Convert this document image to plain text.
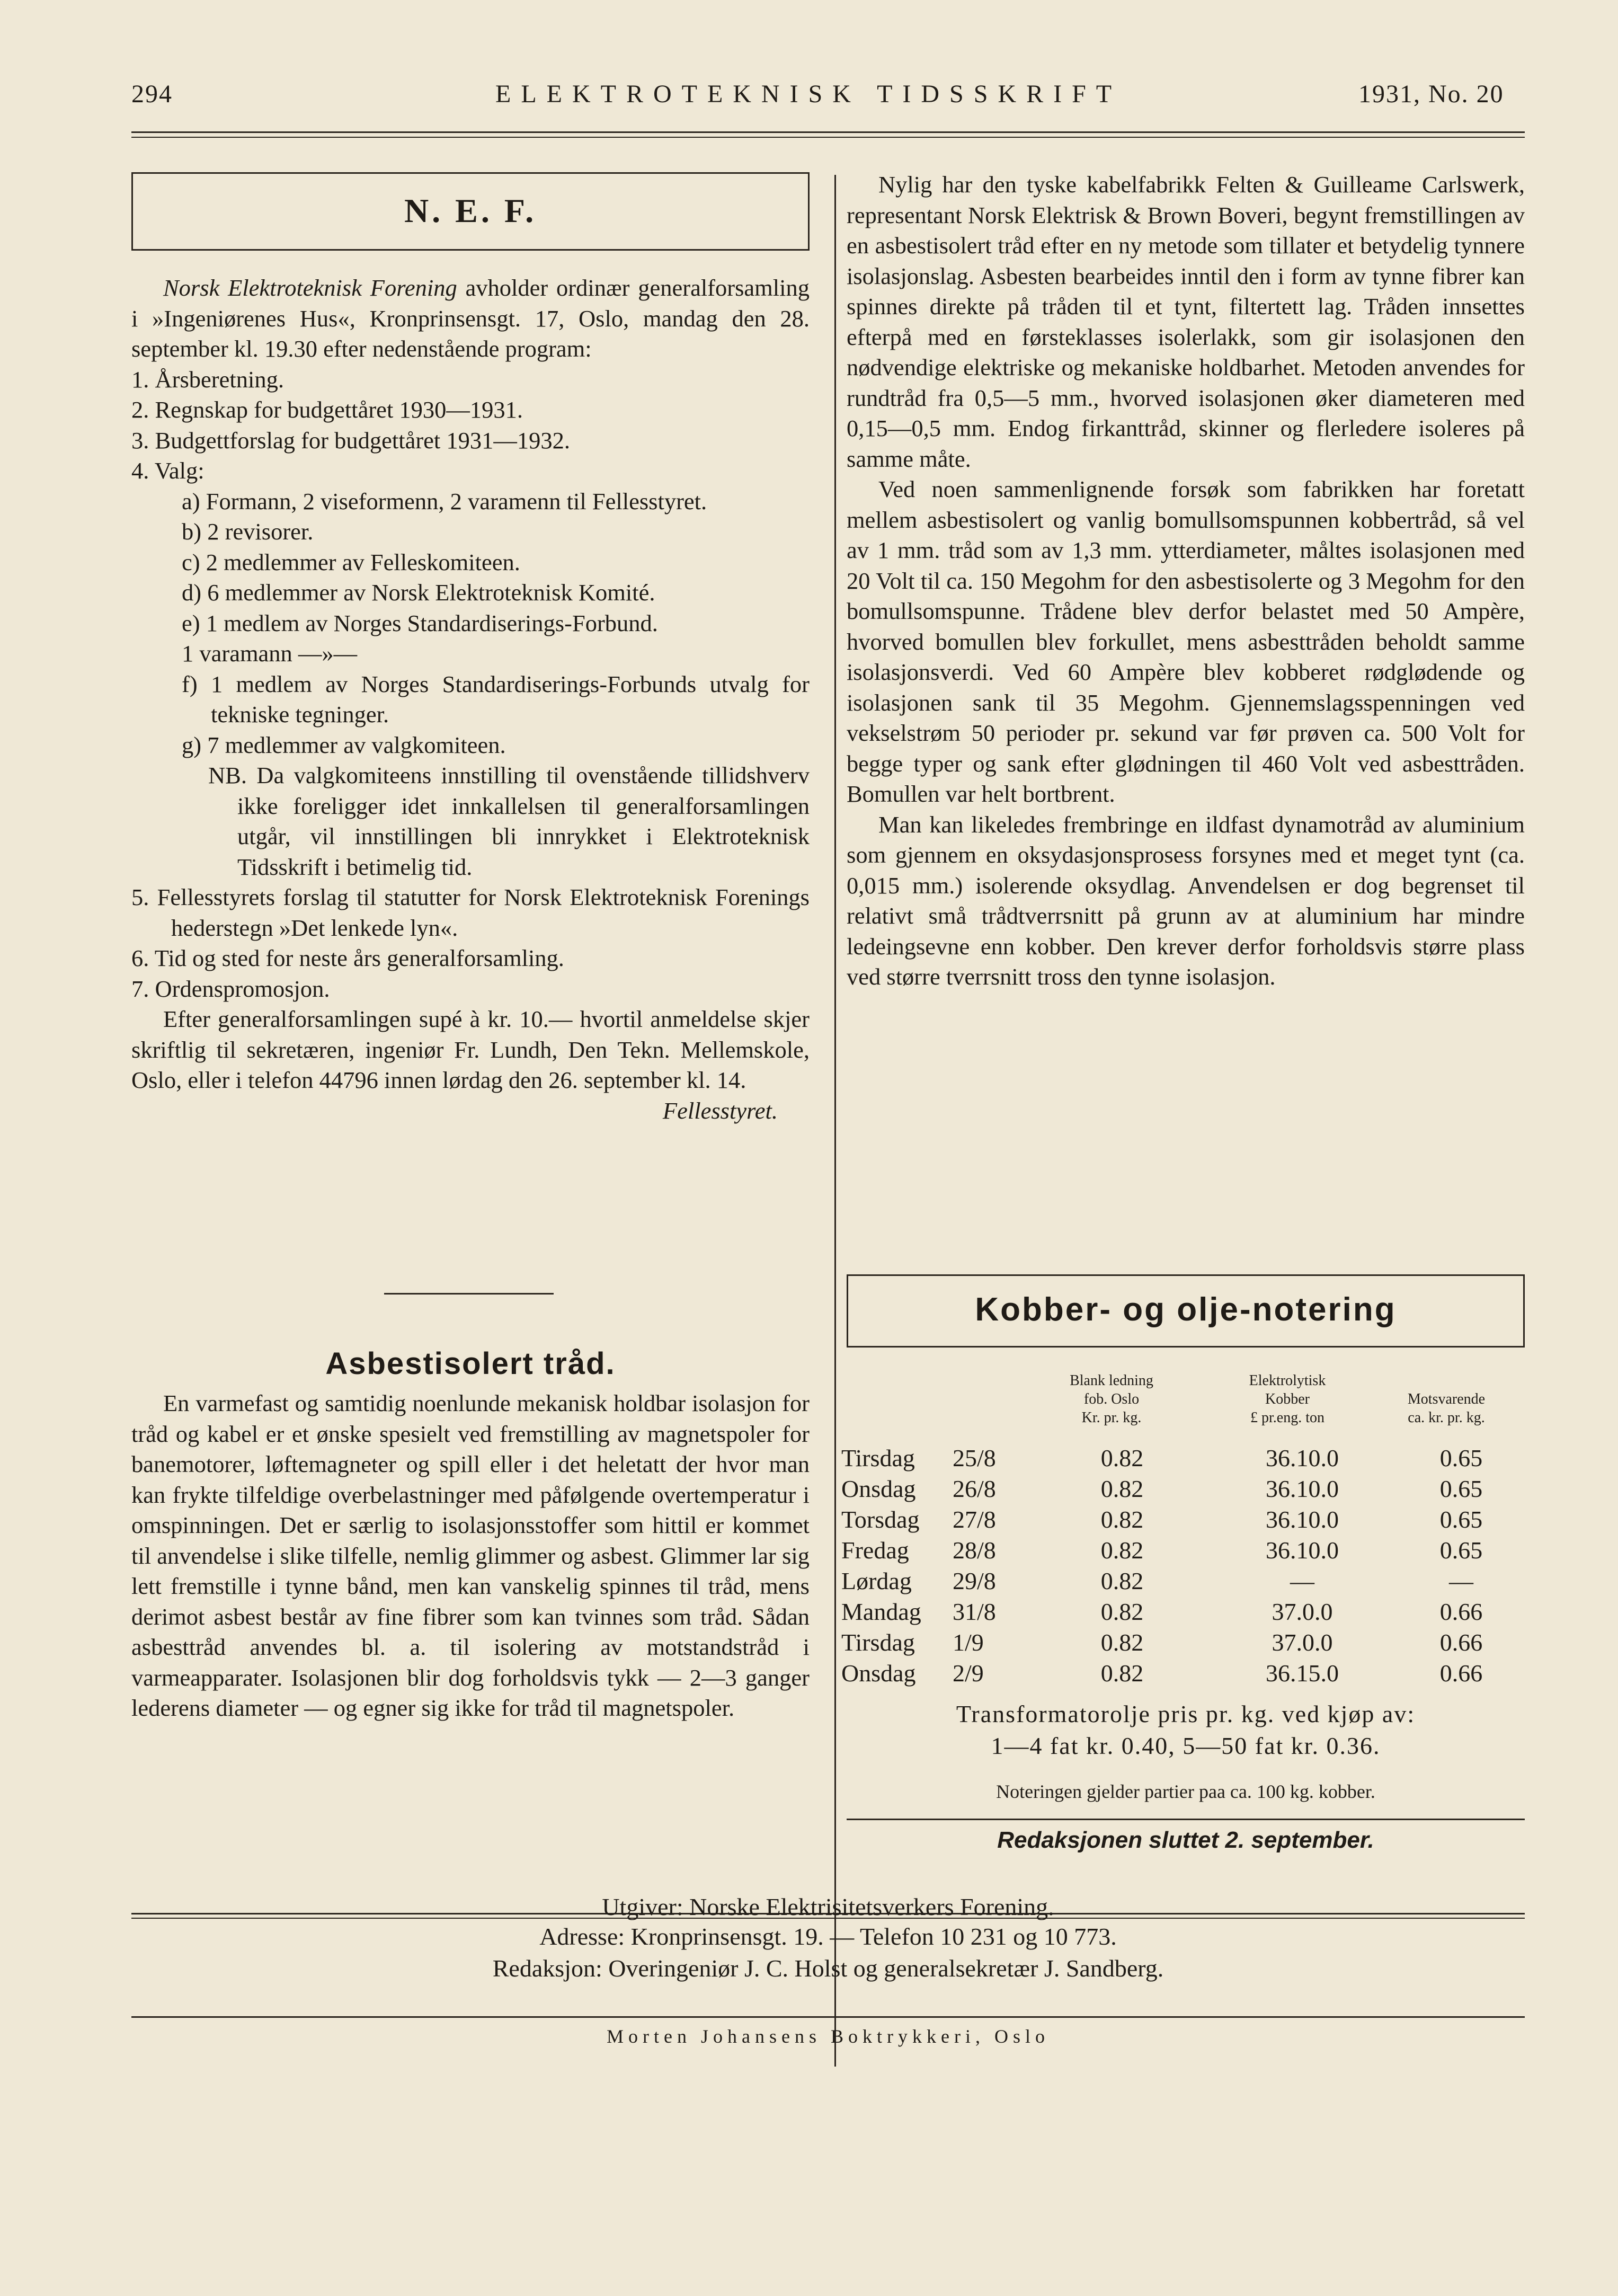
294	ELEKTROTEKNISK TIDSSKRIFT	1931, No. 20
N. E. F.

Norsk Elektroteknisk Forening avholder ordinær generalforsamling i »Ingeniørenes Hus«, Kronprinsensgt. 17, Oslo, mandag den 28. september kl. 19.30 efter nedenstående program:

1. Årsberetning.

2. Regnskap for budgettåret 1930—1931.

3. Budgettforslag for budgettåret 1931—1932.

4. Valg:

a) Formann, 2 viseformenn, 2 varamenn til Fellesstyret.

b) 2 revisorer.

c) 2 medlemmer av Felleskomiteen.

d) 6 medlemmer av Norsk Elektroteknisk Komité.

e) 1 medlem av Norges Standardiserings-Forbund.

1 varamann —»—

f) 1 medlem av Norges Standardiserings-Forbunds utvalg for tekniske tegninger.

g) 7 medlemmer av valgkomiteen.

NB. Da valgkomiteens innstilling til ovenstående tillidshverv ikke foreligger idet innkallelsen til generalforsamlingen utgår, vil innstillingen bli innrykket i Elektroteknisk Tidsskrift i betimelig tid.

5. Fellesstyrets forslag til statutter for Norsk Elektroteknisk Forenings hederstegn »Det lenkede lyn«.

6. Tid og sted for neste års generalforsamling.

7. Ordenspromosjon.

Efter generalforsamlingen supé à kr. 10.— hvortil anmeldelse skjer skriftlig til sekretæren, ingeniør Fr. Lundh, Den Tekn. Mellemskole, Oslo, eller i telefon 44796 innen lørdag den 26. september kl. 14.

Fellesstyret.

Asbestisolert tråd.

En varmefast og samtidig noenlunde mekanisk holdbar isolasjon for tråd og kabel er et ønske spesielt ved fremstilling av magnetspoler for banemotorer, løftemagneter og spill eller i det heletatt der hvor man kan frykte tilfeldige overbelastninger med påfølgende overtemperatur i omspinningen. Det er særlig to isolasjonsstoffer som hittil er kommet til anvendelse i slike tilfelle, nemlig glimmer og asbest. Glimmer lar sig lett fremstille i tynne bånd, men kan vanskelig spinnes til tråd, mens derimot asbest består av fine fibrer som kan tvinnes som tråd. Sådan asbesttråd anvendes bl. a. til isolering av motstandstråd i varmeapparater. Isolasjonen blir dog forholdsvis tykk — 2—3 ganger lederens diameter — og egner sig ikke for tråd til magnetspoler.

Nylig har den tyske kabelfabrikk Felten & Guilleame Carlswerk, representant Norsk Elektrisk & Brown Boveri, begynt fremstillingen av en asbestisolert tråd efter en ny metode som tillater et betydelig tynnere isolasjonslag. Asbesten bearbeides inntil den i form av tynne fibrer kan spinnes direkte på tråden til et tynt, filtertett lag. Tråden innsettes efterpå med en førsteklasses isolerlakk, som gir isolasjonen den nødvendige elektriske og mekaniske holdbarhet. Metoden anvendes for rundtråd fra 0,5—5 mm., hvorved isolasjonen øker diameteren med 0,15—0,5 mm. Endog firkanttråd, skinner og flerledere isoleres på samme måte.

Ved noen sammenlignende forsøk som fabrikken har foretatt mellem asbestisolert og vanlig bomullsomspunnen kobbertråd, så vel av 1 mm. tråd som av 1,3 mm. ytterdiameter, måltes isolasjonen med 20 Volt til ca. 150 Megohm for den asbestisolerte og 3 Megohm for den bomullsomspunne. Trådene blev derfor belastet med 50 Ampère, hvorved bomullen blev forkullet, mens asbesttråden beholdt samme isolasjonsverdi. Ved 60 Ampère blev kobberet rødglødende og isolasjonen sank til 35 Megohm. Gjennemslagsspenningen ved vekselstrøm 50 perioder pr. sekund var før prøven ca. 500 Volt for begge typer og sank efter glødningen til 460 Volt ved asbesttråden. Bomullen var helt bortbrent.

Man kan likeledes frembringe en ildfast dynamotråd av aluminium som gjennem en oksydasjonsprosess forsynes med et meget tynt (ca. 0,015 mm.) isolerende oksydlag. Anvendelsen er dog begrenset til relativt små trådtverrsnitt på grunn av at aluminium har mindre ledeingsevne enn kobber. Den krever derfor forholdsvis større plass ved større tverrsnitt tross den tynne isolasjon.

Kobber- og olje-notering
Blank ledning
fob. Oslo
Kr. pr. kg.
Elektrolytisk
Kobber
£ pr.eng. ton
Motsvarende
ca. kr. pr. kg.
Tirsdag 25/8	0.82	36.10.0	0.65
Onsdag 26/8	0.82	36.10.0	0.65
Torsdag 27/8	0.82	36.10.0	0.65
Fredag 28/8	0.82	36.10.0	0.65
Lørdag 29/8	0.82	—	—
Mandag 31/8	0.82	37.0.0	0.66
Tirsdag 1/9	0.82	37.0.0	0.66
Onsdag 2/9	0.82	36.15.0	0.66
Transformatorolje pris pr. kg. ved kjøp av:
1—4 fat kr. 0.40, 5—50 fat kr. 0.36.
Noteringen gjelder partier paa ca. 100 kg. kobber.
Redaksjonen sluttet 2. september.
Utgiver: Norske Elektrisitetsverkers Forening.
Adresse: Kronprinsensgt. 19. — Telefon 10 231 og 10 773.
Redaksjon: Overingeniør J. C. Holst og generalsekretær J. Sandberg.
Morten Johansens Boktrykkeri, Oslo
